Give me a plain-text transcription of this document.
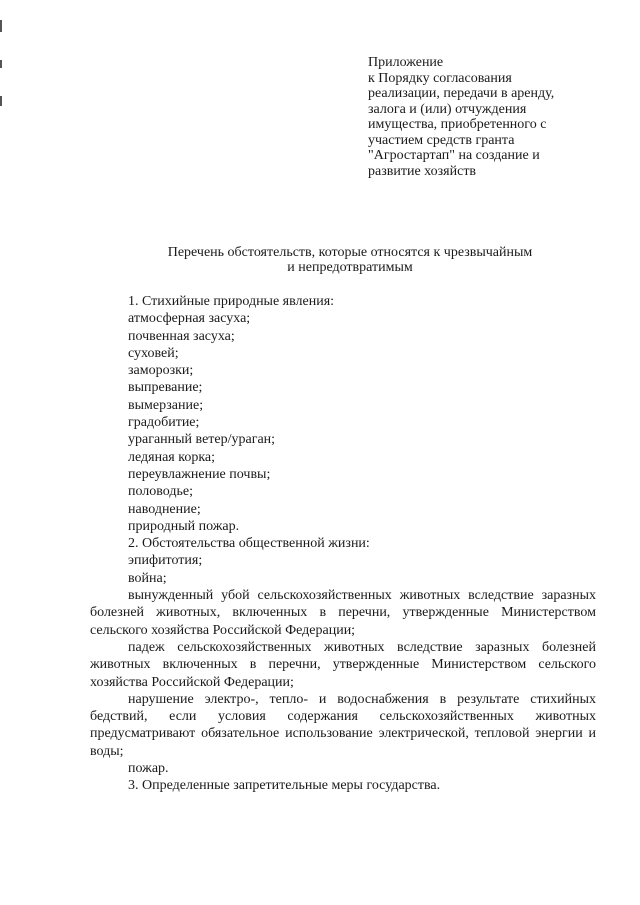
Приложение
к Порядку согласования
реализации, передачи в аренду,
залога и (или) отчуждения
имущества, приобретенного с
участием средств гранта
"Агростартап" на создание и
развитие хозяйств
Перечень обстоятельств, которые относятся к чрезвычайным
и непредотвратимым
1. Стихийные природные явления:
атмосферная засуха;
почвенная засуха;
суховей;
заморозки;
выпревание;
вымерзание;
градобитие;
ураганный ветер/ураган;
ледяная корка;
переувлажнение почвы;
половодье;
наводнение;
природный пожар.
2. Обстоятельства общественной жизни:
эпифитотия;
война;
вынужденный убой сельскохозяйственных животных вследствие заразных болезней животных, включенных в перечни, утвержденные Министерством сельского хозяйства Российской Федерации;
падеж сельскохозяйственных животных вследствие заразных болезней животных включенных в перечни, утвержденные Министерством сельского хозяйства Российской Федерации;
нарушение электро-, тепло- и водоснабжения в результате стихийных бедствий, если условия содержания сельскохозяйственных животных предусматривают обязательное использование электрической, тепловой энергии и воды;
пожар.
3. Определенные запретительные меры государства.
